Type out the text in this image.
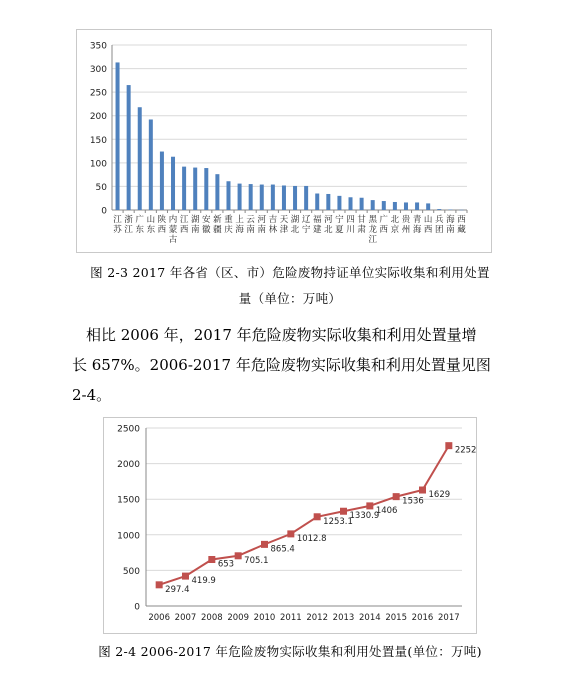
0
50
100
150
200
250
300
350
江苏
浙江
广东
山东
陕西
内蒙古
江西
湖南
安徽
新疆
重庆
上海
云南
河南
吉林
天津
湖北
辽宁
福建
河北
宁夏
四川
甘肃
黑龙江
广西
北京
贵州
青海
山西
兵团
海南
西藏
图 2-3 2017 年各省（区、市）危险废物持证单位实际收集和利用处置
量（单位：万吨）
相比 2006 年，2017 年危险废物实际收集和利用处置量增
长 657%。2006-2017 年危险废物实际收集和利用处置量见图
2-4。
0
500
1000
1500
2000
2500
297.4
2006
419.9
2007
653
2008
705.1
2009
865.4
2010
1012.8
2011
1253.1
2012
1330.9
2013
1406
2014
1536
2015
1629
2016
2252
2017
图 2-4 2006-2017 年危险废物实际收集和利用处置量(单位：万吨)
